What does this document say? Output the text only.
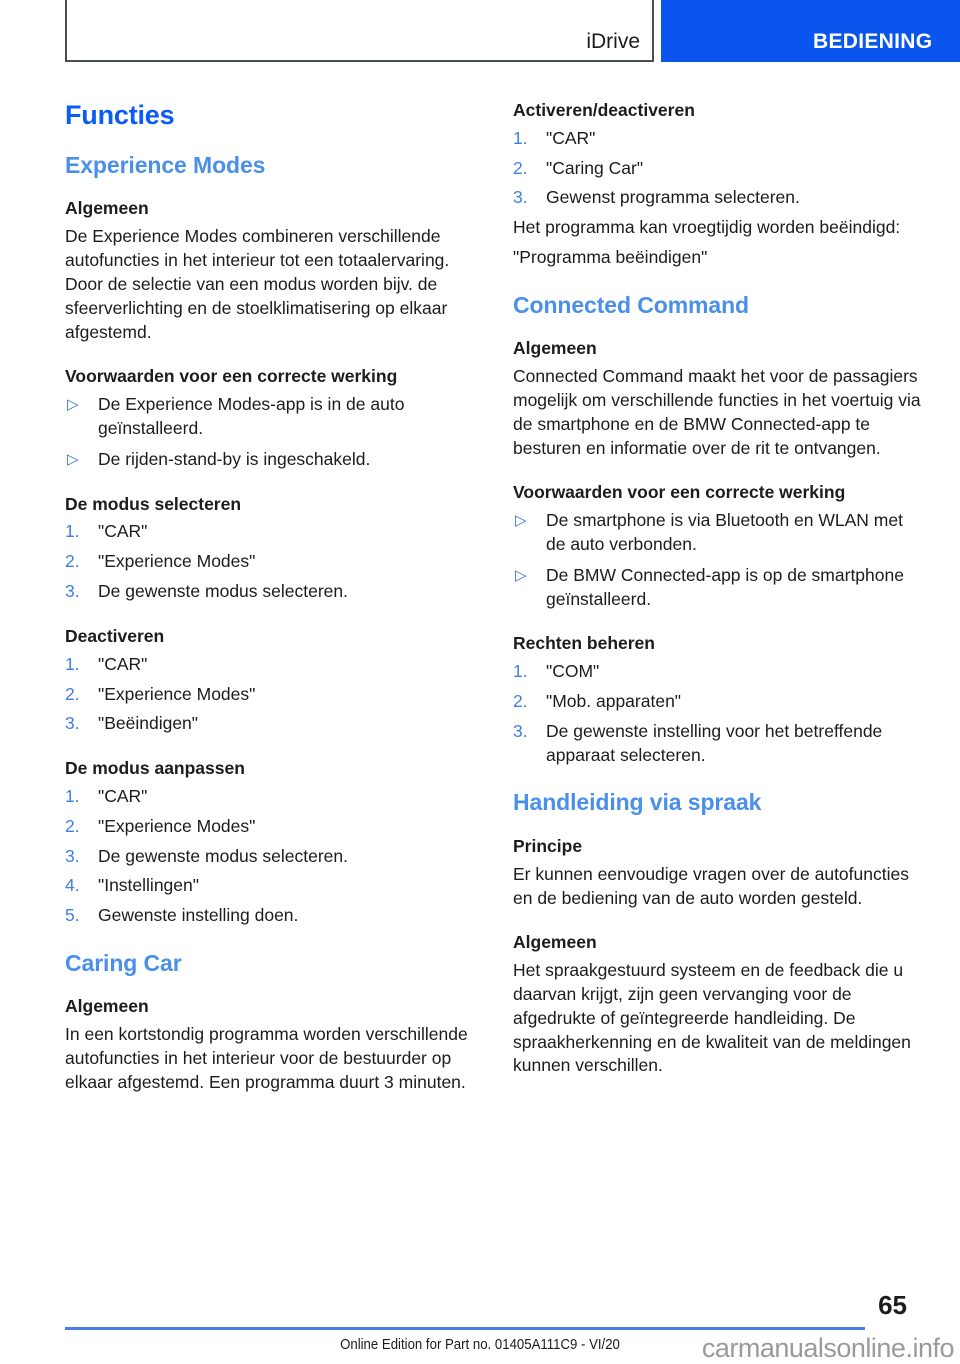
iDrive	BEDIENING
Functies
Experience Modes
Algemeen

De Experience Modes combineren verschillende autofuncties in het interieur tot een totaalervaring. Door de selectie van een modus worden bijv. de sfeerverlichting en de stoelklimatisering op elkaar afgestemd.

Voorwaarden voor een correcte werking
▷ De Experience Modes-app is in de auto geïnstalleerd.
▷ De rijden-stand-by is ingeschakeld.
De modus selecteren
1.	"CAR"
2.	"Experience Modes"
3.	De gewenste modus selecteren.
Deactiveren
1.	"CAR"
2.	"Experience Modes"
3.	"Beëindigen"
De modus aanpassen
1.	"CAR"
2.	"Experience Modes"
3.	De gewenste modus selecteren.
4.	"Instellingen"
5.	Gewenste instelling doen.
Caring Car
Algemeen

In een kortstondig programma worden verschillende autofuncties in het interieur voor de bestuurder op elkaar afgestemd. Een programma duurt 3 minuten.

Activeren/deactiveren
1.	"CAR"
2.	"Caring Car"
3.	Gewenst programma selecteren.

Het programma kan vroegtijdig worden beëindigd:

"Programma beëindigen"

Connected Command
Algemeen

Connected Command maakt het voor de passagiers mogelijk om verschillende functies in het voertuig via de smartphone en de BMW Connected-app te besturen en informatie over de rit te ontvangen.

Voorwaarden voor een correcte werking
▷ De smartphone is via Bluetooth en WLAN met de auto verbonden.
▷ De BMW Connected-app is op de smartphone geïnstalleerd.
Rechten beheren
1.	"COM"
2.	"Mob. apparaten"
3.	De gewenste instelling voor het betreffende apparaat selecteren.
Handleiding via spraak
Principe

Er kunnen eenvoudige vragen over de autofuncties en de bediening van de auto worden gesteld.

Algemeen

Het spraakgestuurd systeem en de feedback die u daarvan krijgt, zijn geen vervanging voor de afgedrukte of geïntegreerde handleiding. De spraakherkenning en de kwaliteit van de meldingen kunnen verschillen.

65
Online Edition for Part no. 01405A111C9 - VI/20	carmanualsonline.info
